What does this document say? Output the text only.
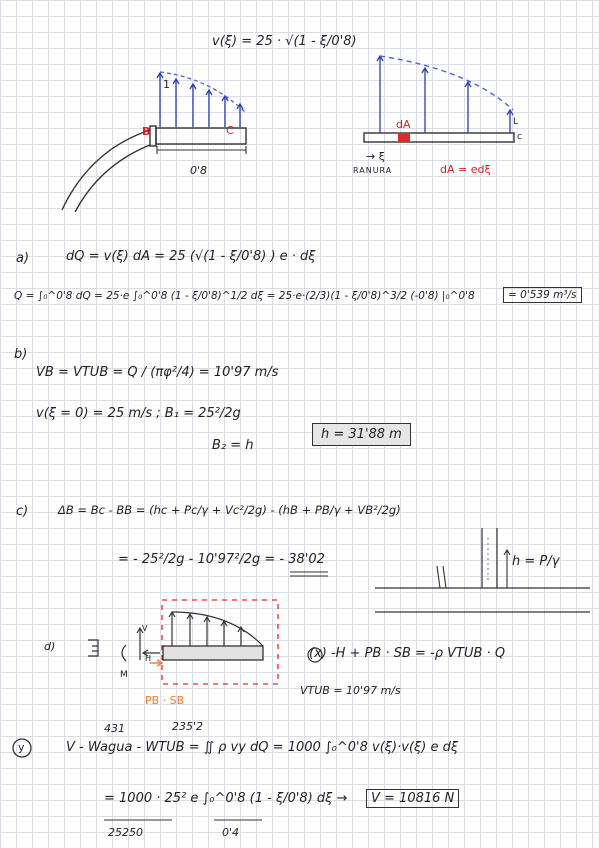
v(ξ) = 25 · √(1 - ξ/0'8)
B	C
1
0'8
dA
→ ξ
RANURA	dA = edξ
L
c
a)	dQ = v(ξ) dA = 25 (√(1 - ξ/0'8) ) e · dξ
Q = ∫₀^0'8 dQ = 25·e ∫₀^0'8 (1 - ξ/0'8)^1/2 dξ = 25·e·(2/3)(1 - ξ/0'8)^3/2 (-0'8) |₀^0'8	= 0'539 m³/s
b)
VB = VTUB = Q / (πφ²/4) = 10'97 m/s
v(ξ = 0) = 25 m/s ; B₁ = 25²/2g
B₂ = h
h = 31'88 m
c)	ΔB = Bc - BB = (hc + Pc/γ + Vc²/2g) - (hB + PB/γ + VB²/2g)
= - 25²/2g - 10'97²/2g = - 38'02	h = P/γ
d)
V
H
M
PB · SB
(x) -H + PB · SB = -ρ VTUB · Q
VTUB = 10'97 m/s
y
431	235'2
V - Wagua - WTUB = ∬ ρ vy dQ = 1000 ∫₀^0'8 v(ξ)·v(ξ) e dξ
= 1000 · 25² e ∫₀^0'8 (1 - ξ/0'8) dξ →	V = 10816 N
25250	0'4
